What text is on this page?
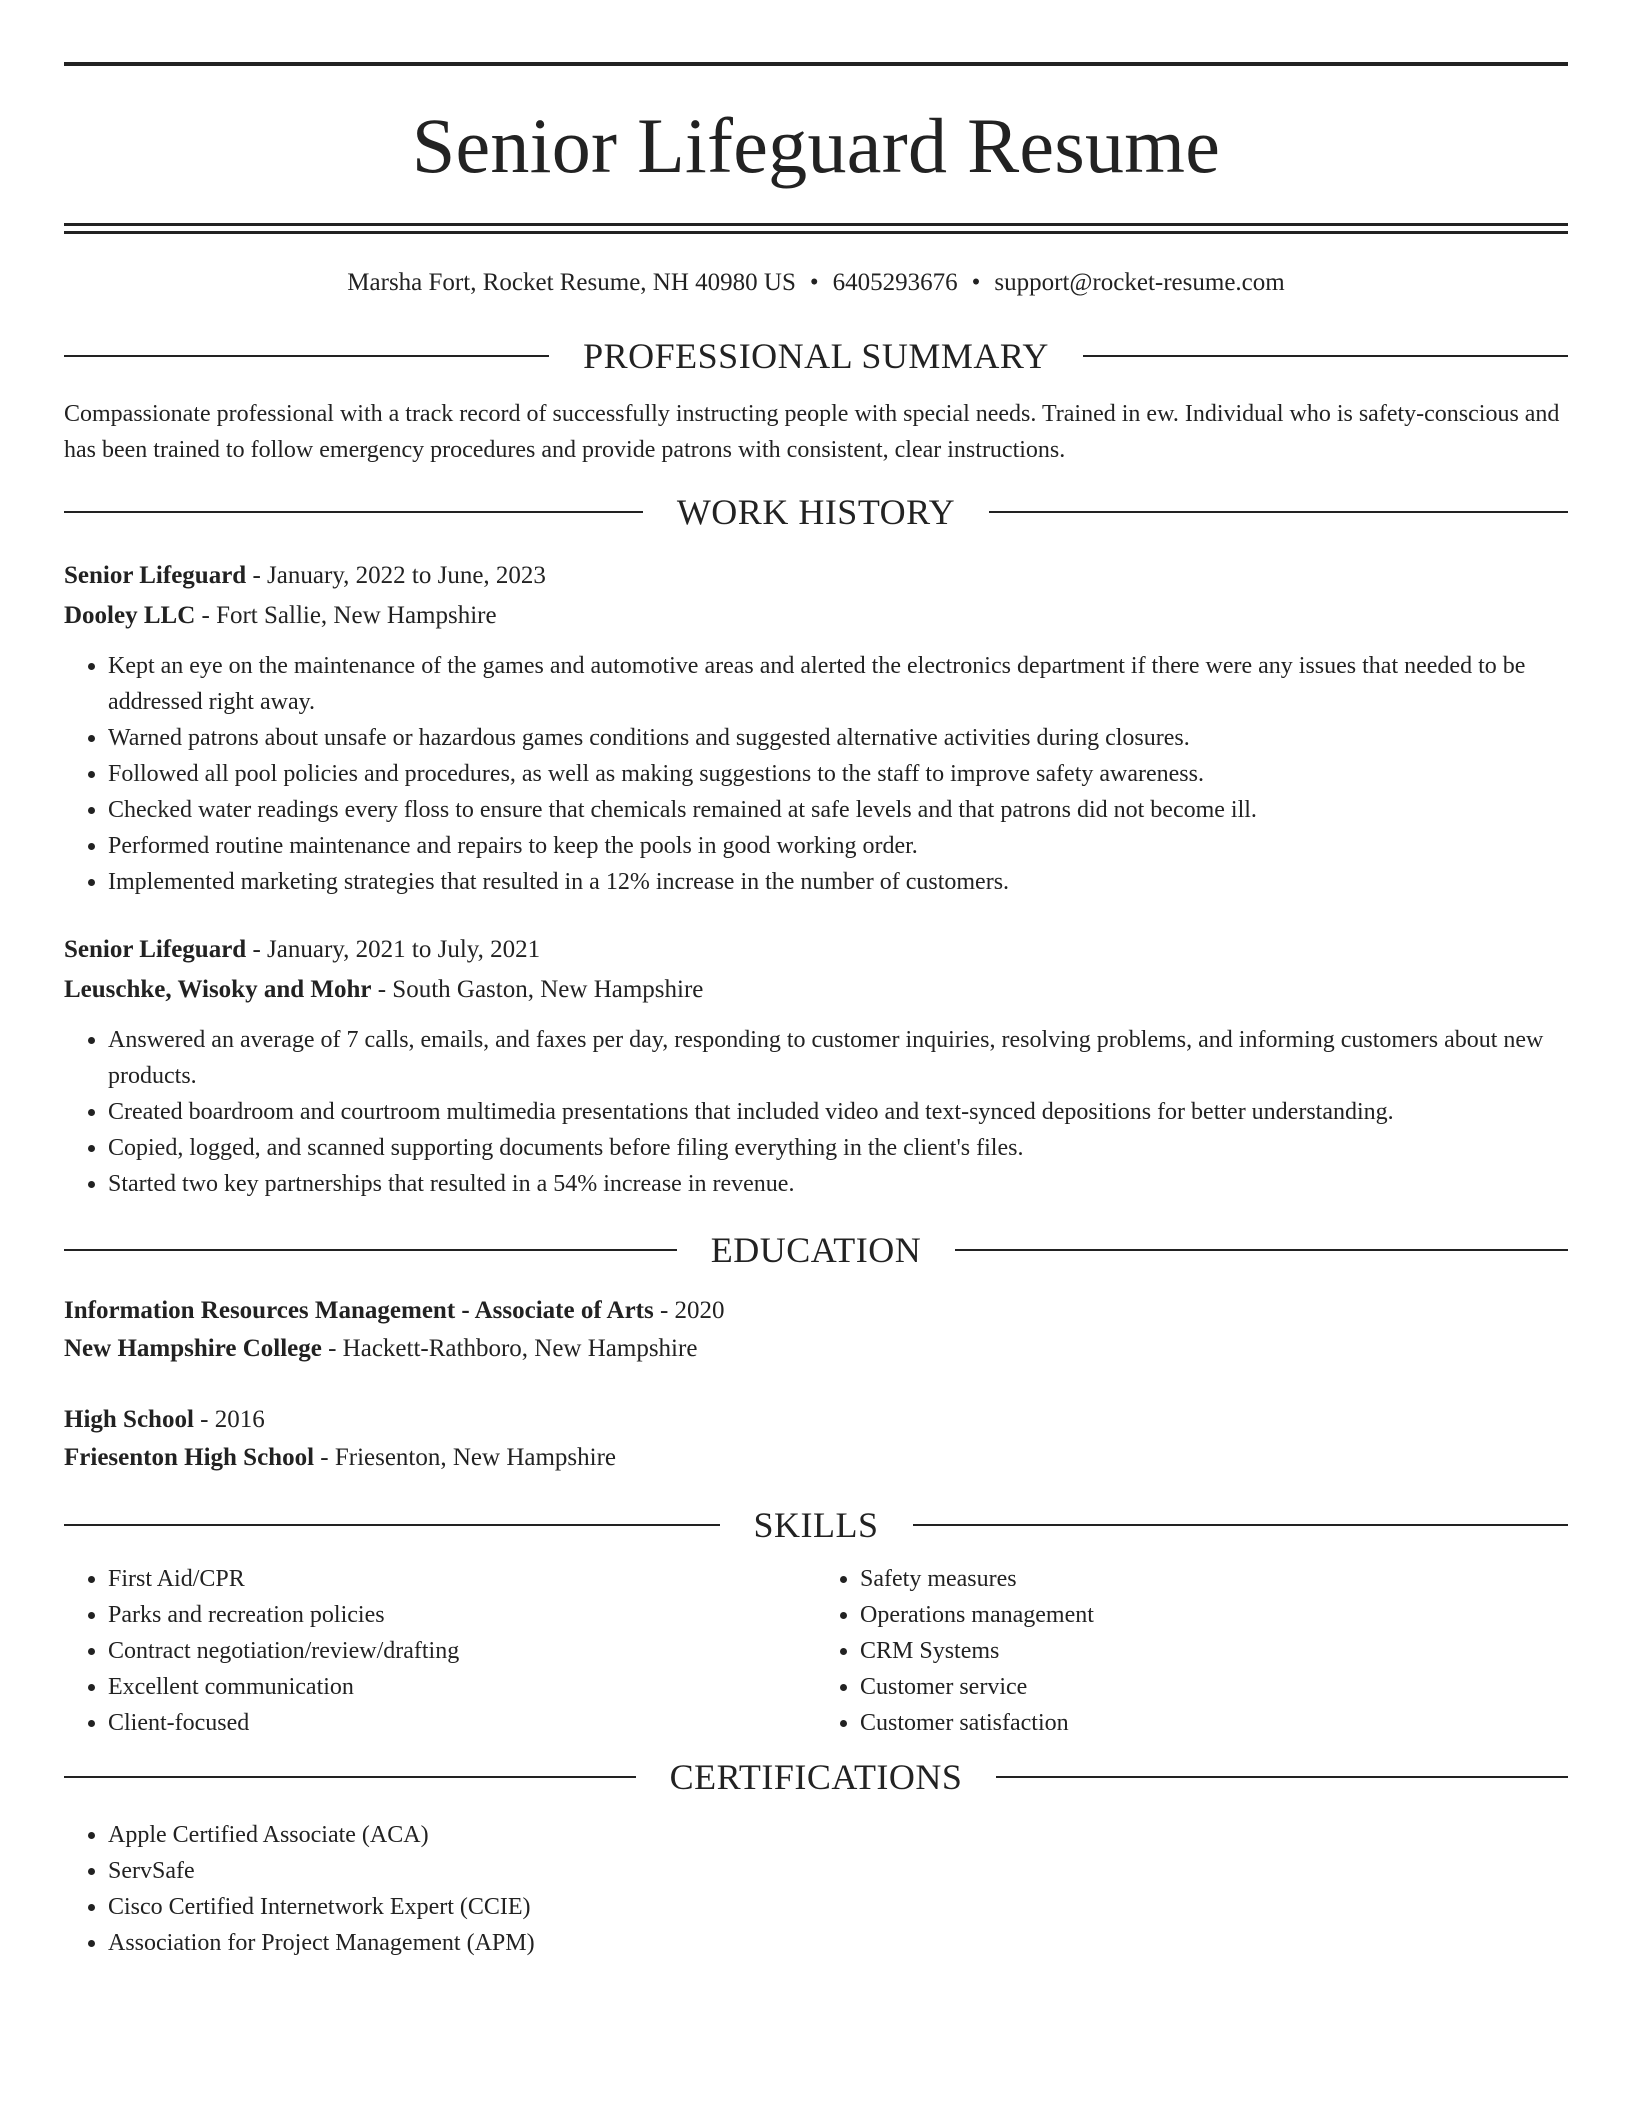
Senior Lifeguard Resume
Marsha Fort, Rocket Resume, NH 40980 US • 6405293676 • support@rocket-resume.com
PROFESSIONAL SUMMARY
Compassionate professional with a track record of successfully instructing people with special needs. Trained in ew. Individual who is safety-conscious and has been trained to follow emergency procedures and provide patrons with consistent, clear instructions.
WORK HISTORY
Senior Lifeguard - January, 2022 to June, 2023
Dooley LLC - Fort Sallie, New Hampshire
• Kept an eye on the maintenance of the games and automotive areas and alerted the electronics department if there were any issues that needed to be addressed right away.
• Warned patrons about unsafe or hazardous games conditions and suggested alternative activities during closures.
• Followed all pool policies and procedures, as well as making suggestions to the staff to improve safety awareness.
• Checked water readings every floss to ensure that chemicals remained at safe levels and that patrons did not become ill.
• Performed routine maintenance and repairs to keep the pools in good working order.
• Implemented marketing strategies that resulted in a 12% increase in the number of customers.
Senior Lifeguard - January, 2021 to July, 2021
Leuschke, Wisoky and Mohr - South Gaston, New Hampshire
• Answered an average of 7 calls, emails, and faxes per day, responding to customer inquiries, resolving problems, and informing customers about new products.
• Created boardroom and courtroom multimedia presentations that included video and text-synced depositions for better understanding.
• Copied, logged, and scanned supporting documents before filing everything in the client's files.
• Started two key partnerships that resulted in a 54% increase in revenue.
EDUCATION
Information Resources Management - Associate of Arts - 2020
New Hampshire College - Hackett-Rathboro, New Hampshire
High School - 2016
Friesenton High School - Friesenton, New Hampshire
SKILLS
• First Aid/CPR
• Parks and recreation policies
• Contract negotiation/review/drafting
• Excellent communication
• Client-focused
• Safety measures
• Operations management
• CRM Systems
• Customer service
• Customer satisfaction
CERTIFICATIONS
• Apple Certified Associate (ACA)
• ServSafe
• Cisco Certified Internetwork Expert (CCIE)
• Association for Project Management (APM)
